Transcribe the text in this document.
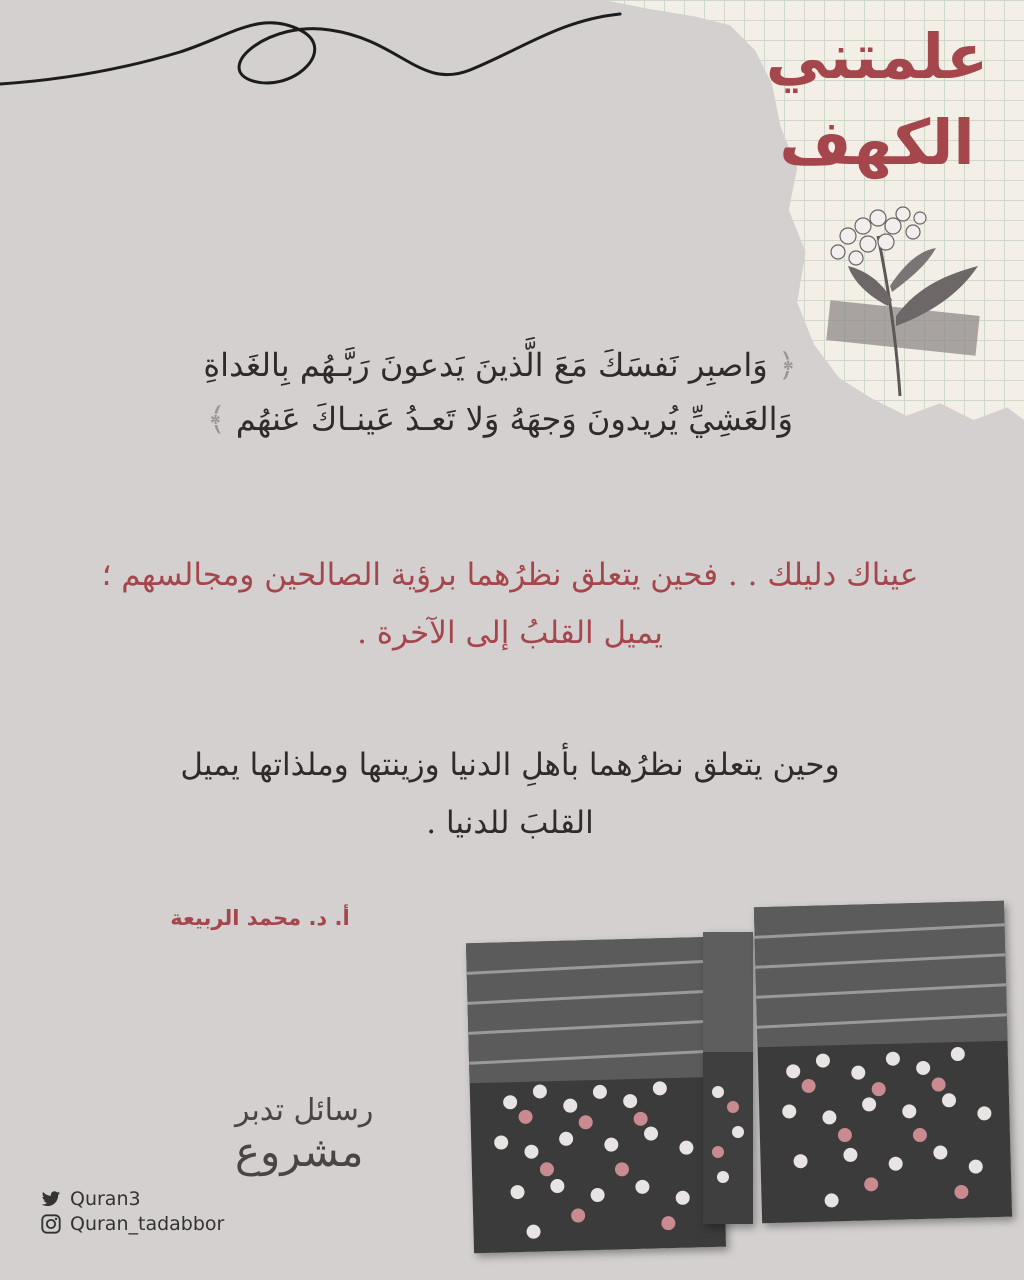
علمتني
الكهف

﴿ وَاصبِر نَفسَكَ مَعَ الَّذينَ يَدعونَ رَبَّـهُم بِالغَداةِ
وَالعَشِيِّ يُريدونَ وَجهَهُ وَلا تَعـدُ عَينـاكَ عَنهُم ﴾

عيناك دليلك . . فحين يتعلق نظرُهما برؤية الصالحين ومجالسهم ؛
يميل القلبُ إلى الآخرة .

وحين يتعلق نظرُهما بأهلِ الدنيا وزينتها وملذاتها يميل
القلبَ للدنيا .

أ. د. محمد الربيعة
رسائل تدبر
مشروع
Quran3
Quran_tadabbor
